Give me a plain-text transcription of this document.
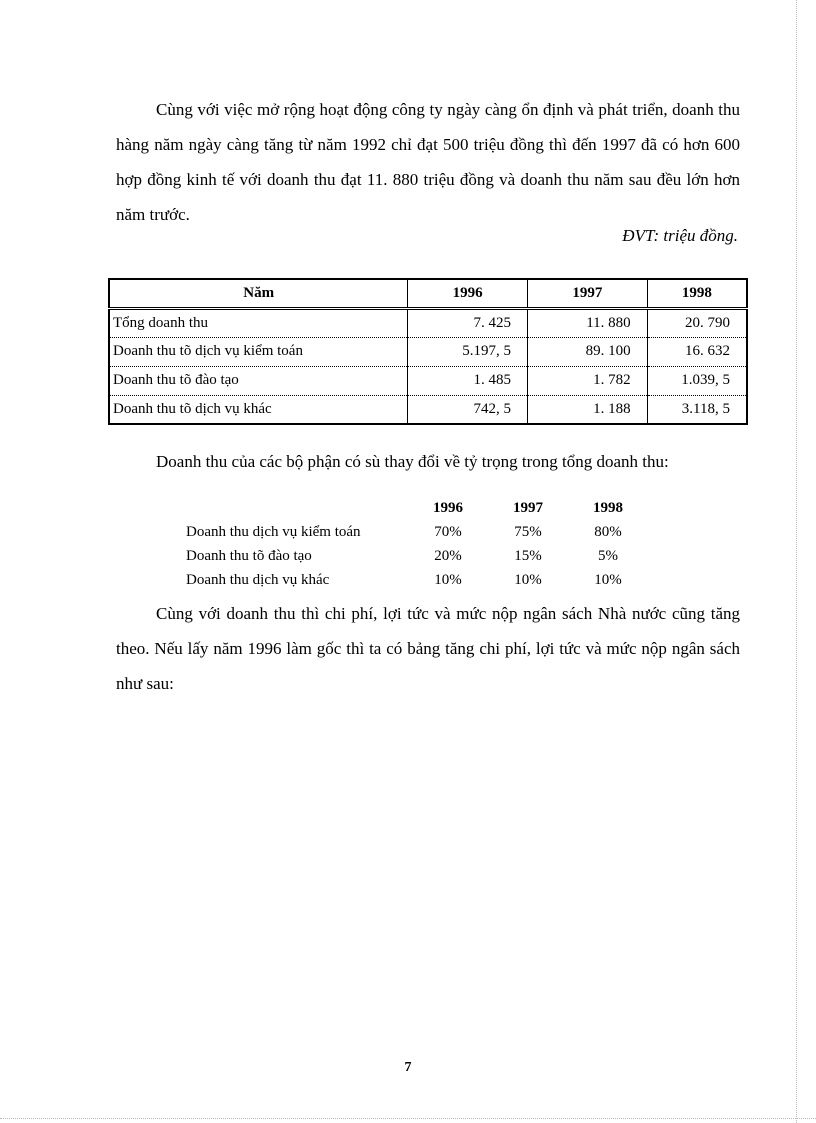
Cùng với việc mở rộng hoạt động công ty ngày càng ổn định và phát triển, doanh thu hàng năm ngày càng tăng từ năm 1992 chỉ đạt 500 triệu đồng thì đến 1997 đã có hơn 600 hợp đồng kinh tế với doanh thu đạt 11. 880 triệu đồng và doanh thu năm sau đều lớn hơn năm trước.

ĐVT: triệu đồng.
Năm	1996	1997	1998
Tổng doanh thu	7. 425	11. 880	20. 790
Doanh thu tõ dịch vụ kiểm toán	5.197, 5	89. 100	16. 632
Doanh thu tõ đào tạo	1. 485	1. 782	1.039, 5
Doanh thu tõ dịch vụ khác	742, 5	1. 188	3.118, 5

Doanh thu của các bộ phận có sù thay đổi về tỷ trọng trong tổng doanh thu:

	1996	1997	1998
Doanh thu dịch vụ kiểm toán	70%	75%	80%
Doanh thu tõ đào tạo	20%	15%	5%
Doanh thu dịch vụ khác	10%	10%	10%

Cùng với doanh thu thì chi phí, lợi tức và mức nộp ngân sách Nhà nước cũng tăng theo. Nếu lấy năm 1996 làm gốc thì ta có bảng tăng chi phí, lợi tức và mức nộp ngân sách như sau:

7
